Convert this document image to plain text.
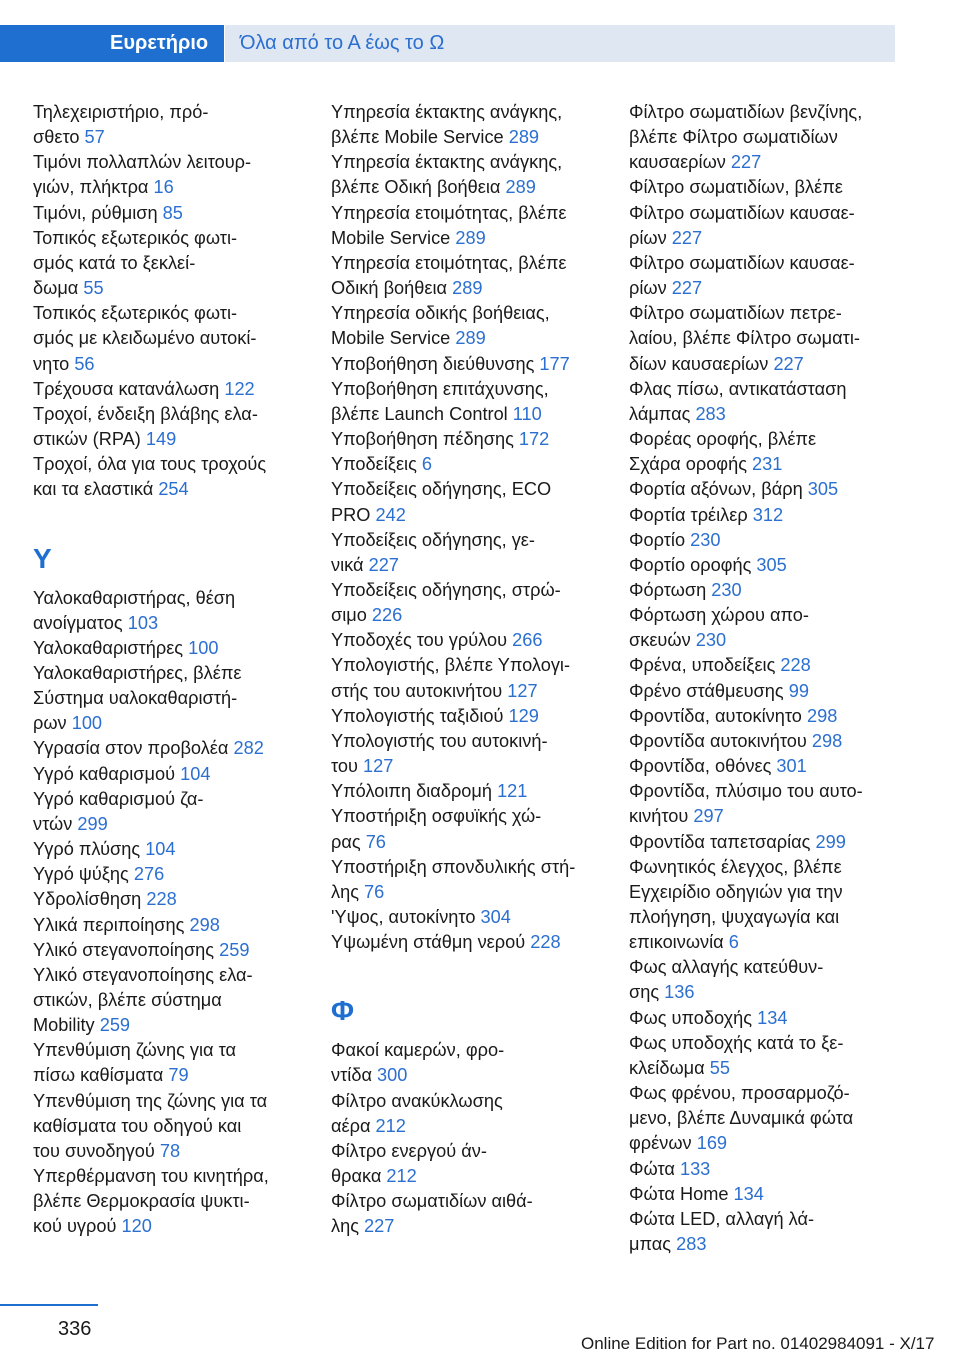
Ευρετήριο	Όλα από το Α έως το Ω
Τηλεχειριστήριο, πρό-
σθετο 57
Τιμόνι πολλαπλών λειτουρ-
γιών, πλήκτρα 16
Τιμόνι, ρύθμιση 85
Τοπικός εξωτερικός φωτι-
σμός κατά το ξεκλεί-
δωμα 55
Τοπικός εξωτερικός φωτι-
σμός με κλειδωμένο αυτοκί-
νητο 56
Τρέχουσα κατανάλωση 122
Τροχοί, ένδειξη βλάβης ελα-
στικών (RPA) 149
Τροχοί, όλα για τους τροχούς
και τα ελαστικά 254
Υ
Υαλοκαθαριστήρας, θέση
ανοίγματος 103
Υαλοκαθαριστήρες 100
Υαλοκαθαριστήρες, βλέπε
Σύστημα υαλοκαθαριστή-
ρων 100
Υγρασία στον προβολέα 282
Υγρό καθαρισμού 104
Υγρό καθαρισμού ζα-
ντών 299
Υγρό πλύσης 104
Υγρό ψύξης 276
Υδρολίσθηση 228
Υλικά περιποίησης 298
Υλικό στεγανοποίησης 259
Υλικό στεγανοποίησης ελα-
στικών, βλέπε σύστημα
Mobility 259
Υπενθύμιση ζώνης για τα
πίσω καθίσματα 79
Υπενθύμιση της ζώνης για τα
καθίσματα του οδηγού και
του συνοδηγού 78
Υπερθέρμανση του κινητήρα,
βλέπε Θερμοκρασία ψυκτι-
κού υγρού 120
Υπηρεσία έκτακτης ανάγκης,
βλέπε Mobile Service 289
Υπηρεσία έκτακτης ανάγκης,
βλέπε Οδική βοήθεια 289
Υπηρεσία ετοιμότητας, βλέπε
Mobile Service 289
Υπηρεσία ετοιμότητας, βλέπε
Οδική βοήθεια 289
Υπηρεσία οδικής βοήθειας,
Mobile Service 289
Υποβοήθηση διεύθυνσης 177
Υποβοήθηση επιτάχυνσης,
βλέπε Launch Control 110
Υποβοήθηση πέδησης 172
Υποδείξεις 6
Υποδείξεις οδήγησης, ECO
PRO 242
Υποδείξεις οδήγησης, γε-
νικά 227
Υποδείξεις οδήγησης, στρώ-
σιμο 226
Υποδοχές του γρύλου 266
Υπολογιστής, βλέπε Υπολογι-
στής του αυτοκινήτου 127
Υπολογιστής ταξιδιού 129
Υπολογιστής του αυτοκινή-
του 127
Υπόλοιπη διαδρομή 121
Υποστήριξη οσφυϊκής χώ-
ρας 76
Υποστήριξη σπονδυλικής στή-
λης 76
'Υψος, αυτοκίνητο 304
Υψωμένη στάθμη νερού 228
Φ
Φακοί καμερών, φρο-
ντίδα 300
Φίλτρο ανακύκλωσης
αέρα 212
Φίλτρο ενεργού άν-
θρακα 212
Φίλτρο σωματιδίων αιθά-
λης 227
Φίλτρο σωματιδίων βενζίνης,
βλέπε Φίλτρο σωματιδίων
καυσαερίων 227
Φίλτρο σωματιδίων, βλέπε
Φίλτρο σωματιδίων καυσαε-
ρίων 227
Φίλτρο σωματιδίων καυσαε-
ρίων 227
Φίλτρο σωματιδίων πετρε-
λαίου, βλέπε Φίλτρο σωματι-
δίων καυσαερίων 227
Φλας πίσω, αντικατάσταση
λάμπας 283
Φορέας οροφής, βλέπε
Σχάρα οροφής 231
Φορτία αξόνων, βάρη 305
Φορτία τρέιλερ 312
Φορτίο 230
Φορτίο οροφής 305
Φόρτωση 230
Φόρτωση χώρου απο-
σκευών 230
Φρένα, υποδείξεις 228
Φρένο στάθμευσης 99
Φροντίδα, αυτοκίνητο 298
Φροντίδα αυτοκινήτου 298
Φροντίδα, οθόνες 301
Φροντίδα, πλύσιμο του αυτο-
κινήτου 297
Φροντίδα ταπετσαρίας 299
Φωνητικός έλεγχος, βλέπε
Εγχειρίδιο οδηγιών για την
πλοήγηση, ψυχαγωγία και
επικοινωνία 6
Φως αλλαγής κατεύθυν-
σης 136
Φως υποδοχής 134
Φως υποδοχής κατά το ξε-
κλείδωμα 55
Φως φρένου, προσαρμοζό-
μενο, βλέπε Δυναμικά φώτα
φρένων 169
Φώτα 133
Φώτα Home 134
Φώτα LED, αλλαγή λά-
μπας 283
336
Online Edition for Part no. 01402984091 - X/17
